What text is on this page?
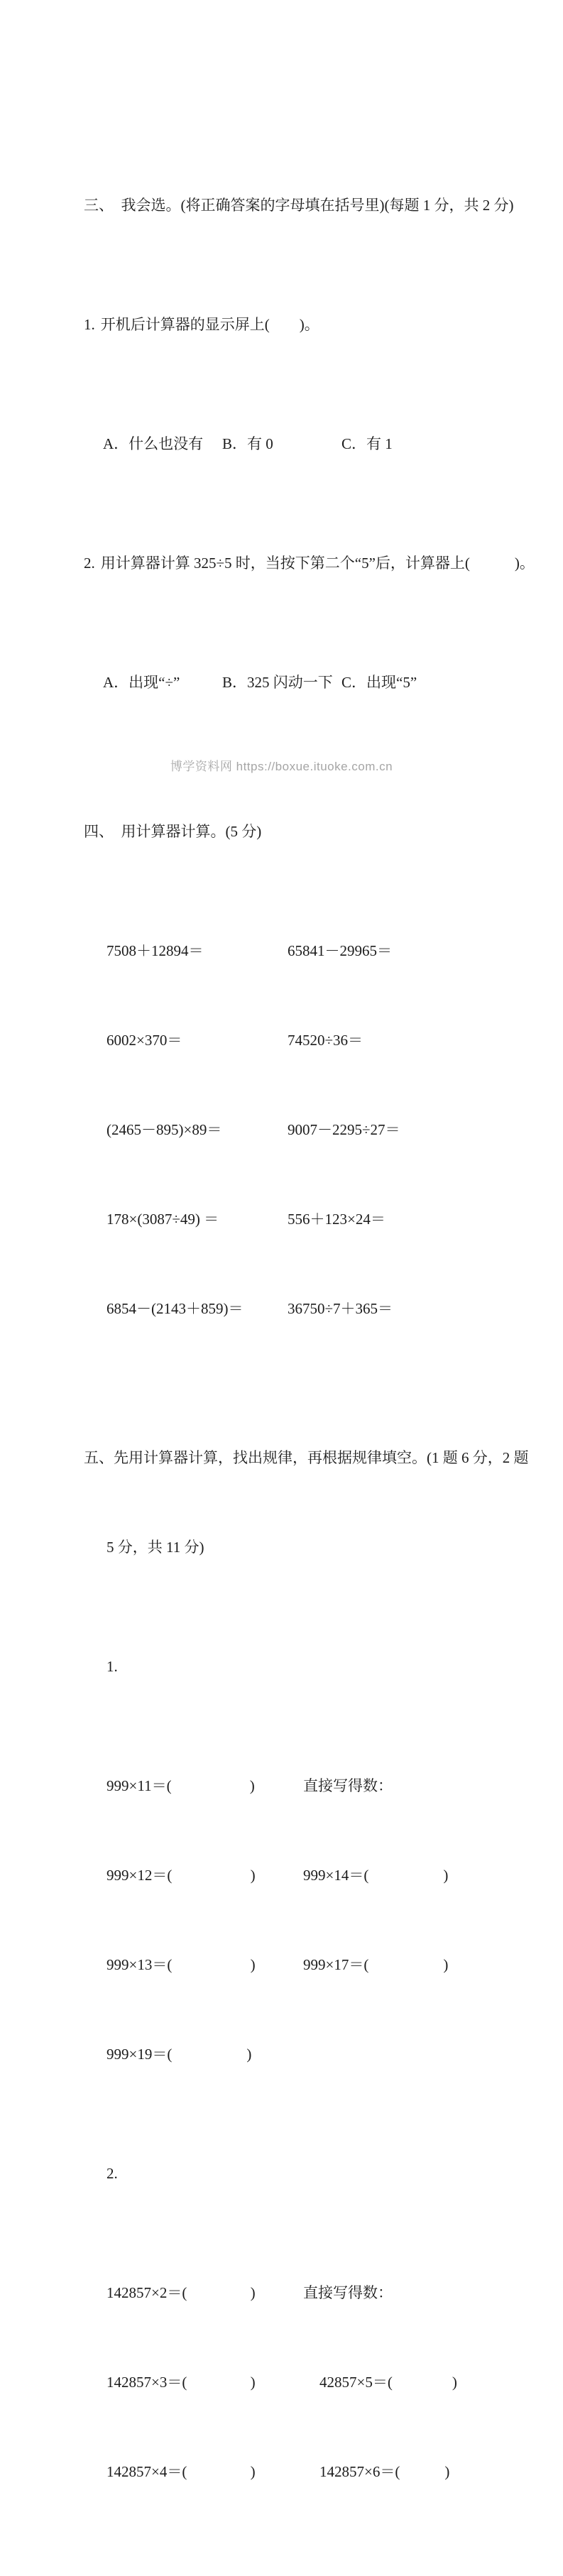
三、　我会选。(将正确答案的字母填在括号里)(每题 1 分，共 2 分)

1. 开机后计算器的显示屏上(　　)。

A．什么也没有	B．有 0	C．有 1

2. 用计算器计算 325÷5 时，当按下第二个“5”后，计算器上(　　　)。

A．出现“÷”	B．325 闪动一下 C．出现“5”

四、　用计算器计算。(5 分)

7508＋12894＝	65841－29965＝

6002×370＝	74520÷36＝

(2465－895)×89＝	9007－2295÷27＝

178×(3087÷49) ＝	556＋123×24＝

6854－(2143＋859)＝	36750÷7＋365＝

五、先用计算器计算，找出规律，再根据规律填空。(1 题 6 分，2 题

5 分，共 11 分)

1.

999×11＝(　　　　　 )	直接写得数：

999×12＝(　　　　　 )	999×14＝(　　　　　)

999×13＝(　　　　　 )	999×17＝(　　　　　)

999×19＝(　　　　　)

2.

142857×2＝(　　　　 )	直接写得数：

142857×3＝(　　　　 )	42857×5＝(　　　　)

142857×4＝(　　　　 )	142857×6＝(　　　)

博学资料网 https://boxue.ituoke.com.cn
